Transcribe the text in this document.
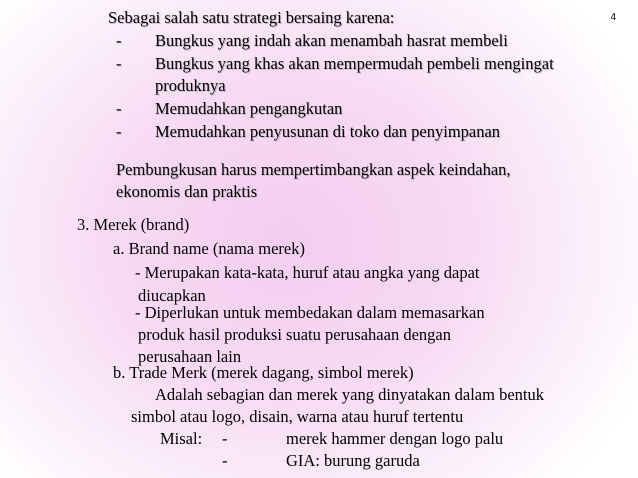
4
Sebagai salah satu strategi bersaing karena:
- Bungkus yang indah akan menambah hasrat membeli
- Bungkus yang khas akan mempermudah pembeli mengingat
produknya
- Memudahkan pengangkutan
- Memudahkan penyusunan di toko dan penyimpanan
Pembungkusan harus mempertimbangkan aspek keindahan,
ekonomis dan praktis
3. Merek (brand)
a. Brand name (nama merek)
- Merupakan kata-kata, huruf atau angka yang dapat
diucapkan
- Diperlukan untuk membedakan dalam memasarkan
produk hasil produksi suatu perusahaan dengan
perusahaan lain
b. Trade Merk (merek dagang, simbol merek)
Adalah sebagian dan merek yang dinyatakan dalam bentuk
simbol atau logo, disain, warna atau huruf tertentu
Misal: -	merek hammer dengan logo palu
-	GIA: burung garuda
